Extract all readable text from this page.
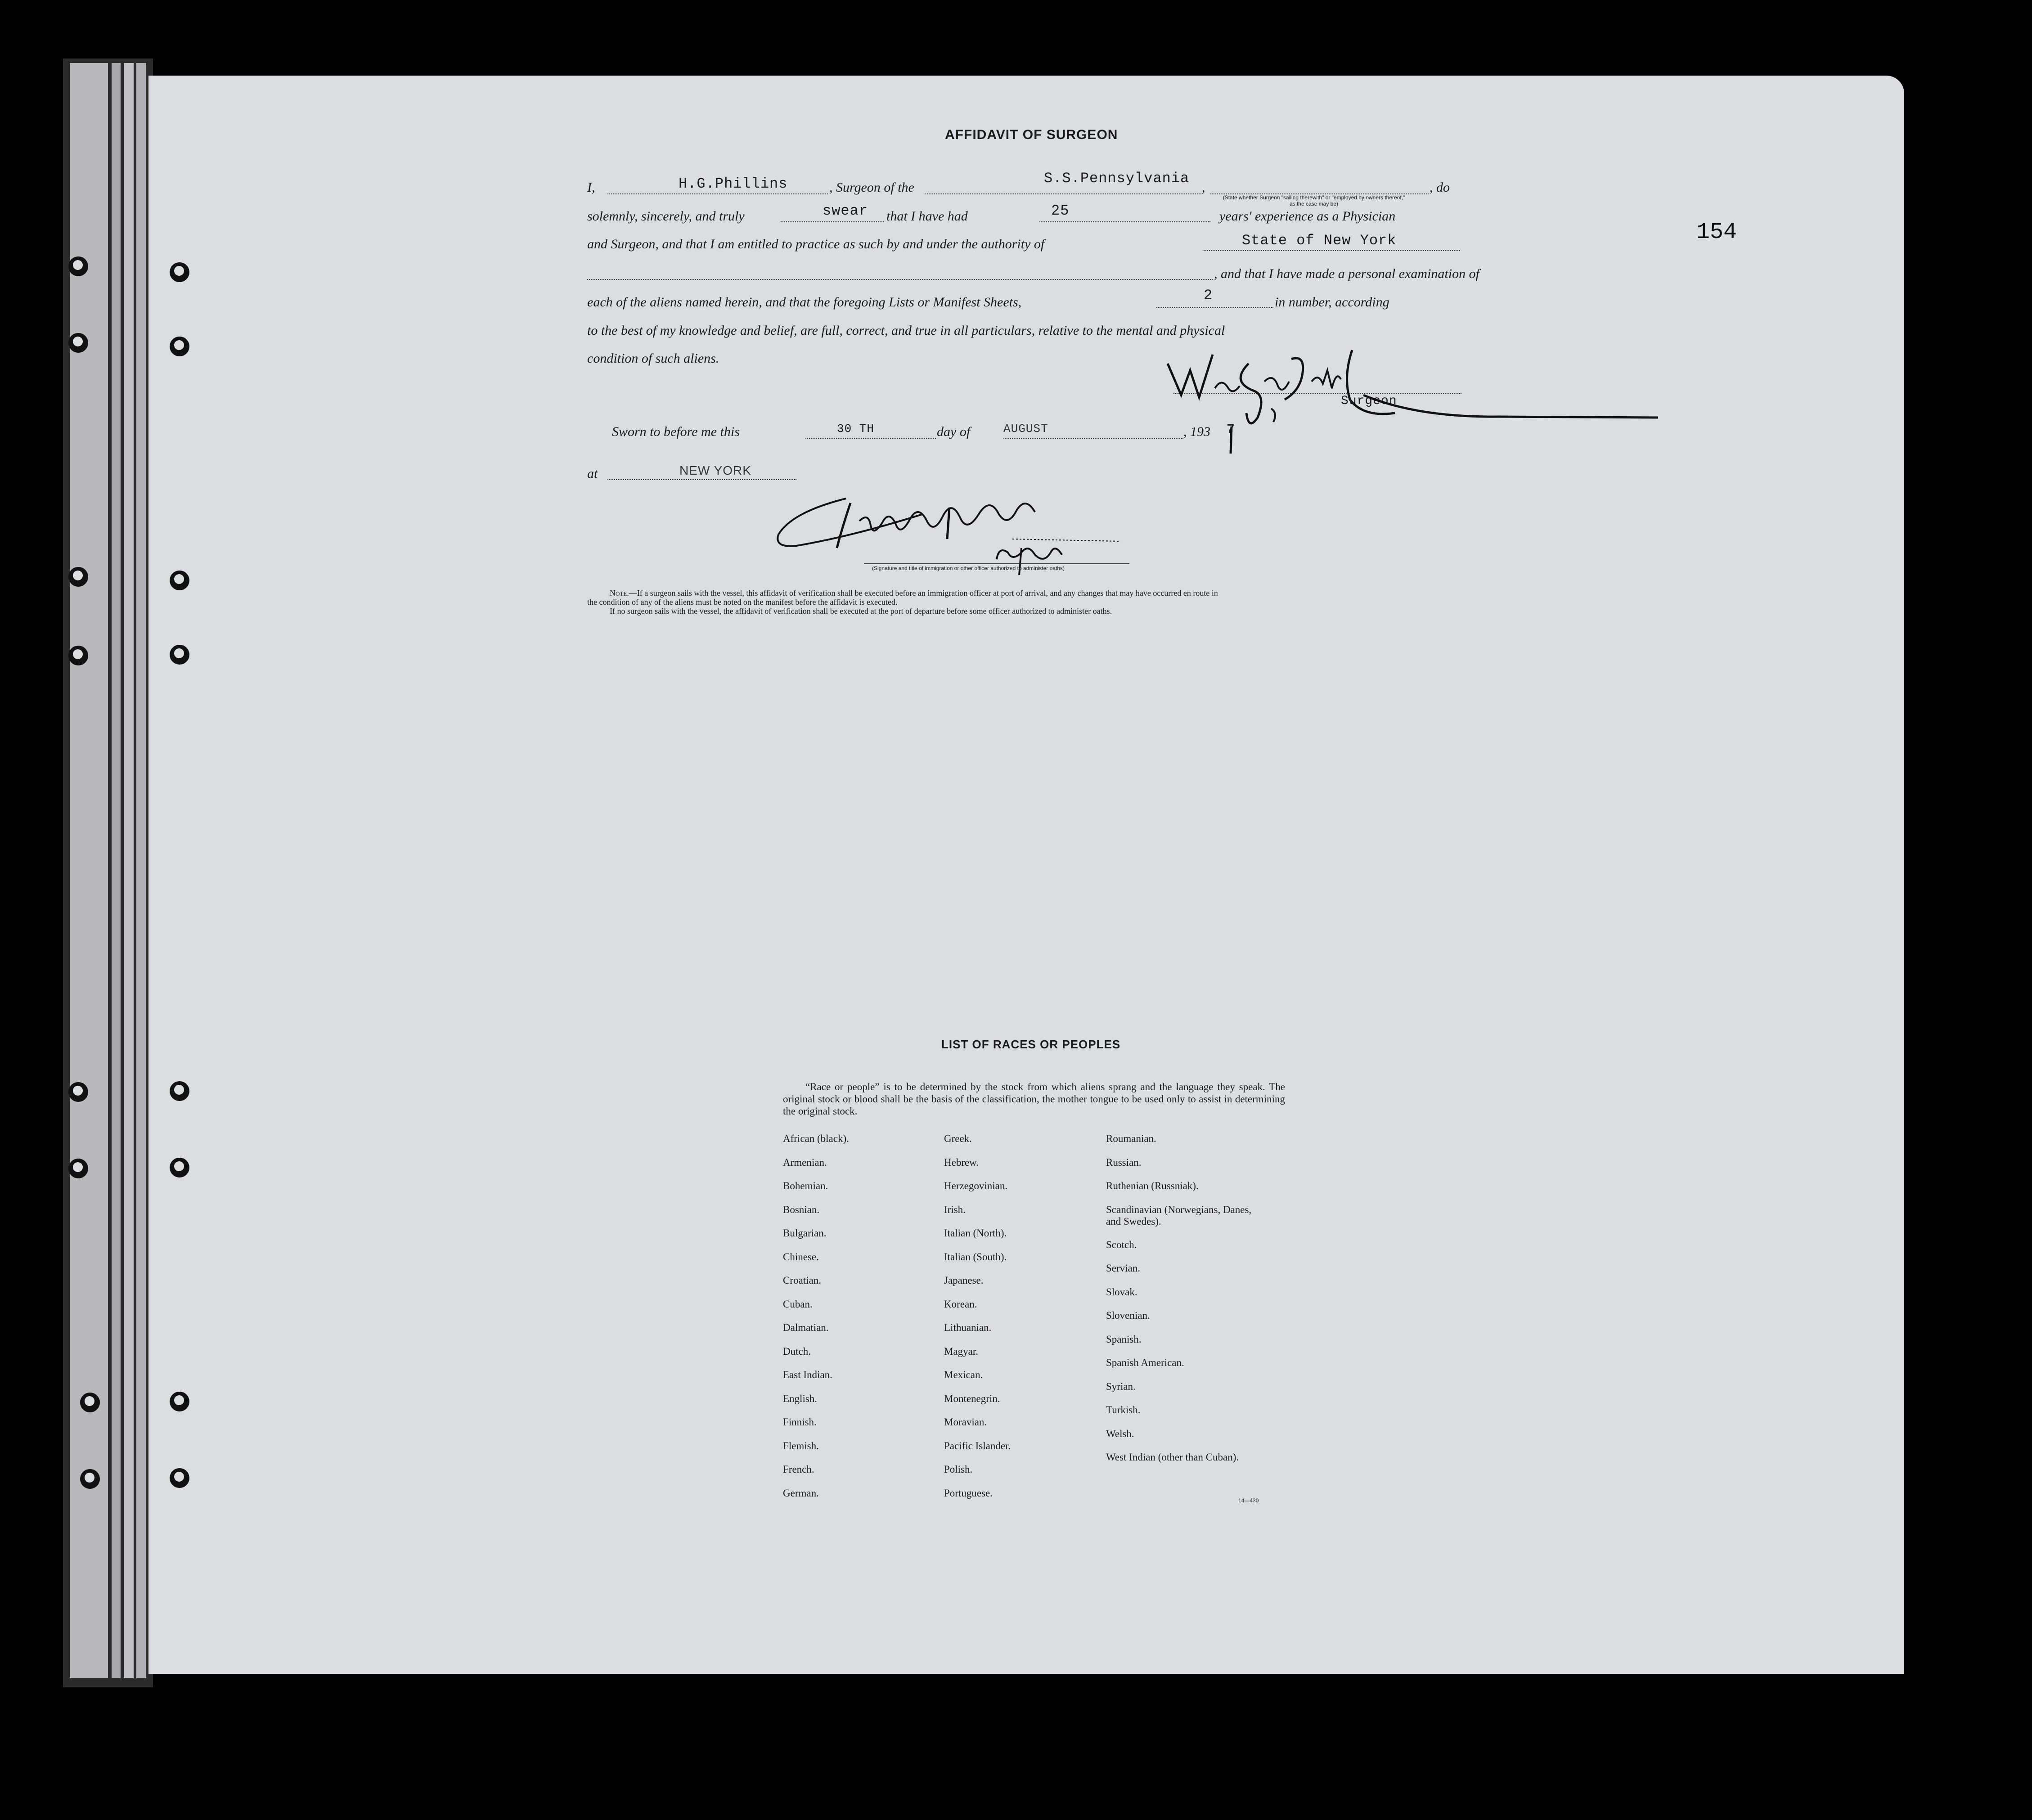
154
AFFIDAVIT OF SURGEON
I,	H.G.Phillins	, Surgeon of the
S.S.Pennsylvania
,	, do
(State whether Surgeon "sailing therewith" or "employed by owners thereof," as the case may be)
solemnly, sincerely, and truly	swear that I have had	25	years' experience as a Physician
and Surgeon, and that I am entitled to practice as such by and under the authority of	State of New York
, and that I have made a personal examination of
each of the aliens named herein, and that the foregoing Lists or Manifest Sheets,	2	in number, according
to the best of my knowledge and belief, are full, correct, and true in all particulars, relative to the mental and physical
condition of such aliens.
Surgeon
Sworn to before me this	30 TH	day of	AUGUST	, 193 7
at	NEW YORK
(Signature and title of immigration or other officer authorized to administer oaths)
Note.—If a surgeon sails with the vessel, this affidavit of verification shall be executed before an immigration officer at port of arrival, and any changes that may have occurred en route in
the condition of any of the aliens must be noted on the manifest before the affidavit is executed.
If no surgeon sails with the vessel, the affidavit of verification shall be executed at the port of departure before some officer authorized to administer oaths.
LIST OF RACES OR PEOPLES
“Race or people” is to be determined by the stock from which aliens sprang and the language they speak. The original stock or blood shall be the basis of the classification, the mother tongue to be used only to assist in determining the original stock.
African (black).
Armenian.
Bohemian.
Bosnian.
Bulgarian.
Chinese.
Croatian.
Cuban.
Dalmatian.
Dutch.
East Indian.
English.
Finnish.
Flemish.
French.
German.
Greek.
Hebrew.
Herzegovinian.
Irish.
Italian (North).
Italian (South).
Japanese.
Korean.
Lithuanian.
Magyar.
Mexican.
Montenegrin.
Moravian.
Pacific Islander.
Polish.
Portuguese.
Roumanian.
Russian.
Ruthenian (Russniak).
Scandinavian (Norwegians, Danes, and Swedes).
Scotch.
Servian.
Slovak.
Slovenian.
Spanish.
Spanish American.
Syrian.
Turkish.
Welsh.
West Indian (other than Cuban).
14—430
